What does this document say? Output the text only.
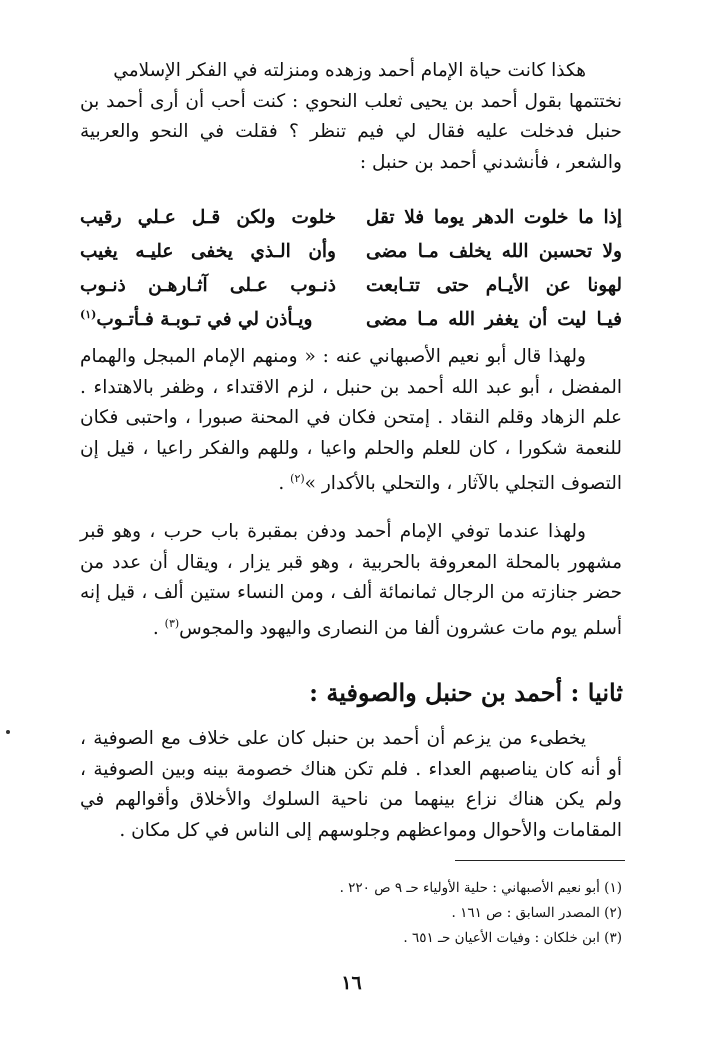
هكذا كانت حياة الإمام أحمد وزهده ومنزلته في الفكر الإسلامي

نختتمها بقول أحمد بن يحيى ثعلب النحوي : كنت أحب أن أرى أحمد بن حنبل فدخلت عليه فقال لي فيم تنظر ؟ فقلت في النحو والعربية والشعر ، فأنشدني أحمد بن حنبل :

إذا ما خلوت الدهر يوما فلا تقل
خلوت ولكن قـل عـلي رقيب
ولا تحسبن الله يخلف مـا مضى
وأن الـذي يخفى عليـه يغيب
لهونا عن الأيـام حتى تتـابعت
ذنـوب عـلى آثـارهـن ذنـوب
فيـا ليت أن يغفر الله مـا مضى
ويـأذن لي في تـوبـة فـأتـوب$^{(١)}$

ولهذا قال أبو نعيم الأصبهاني عنه : « ومنهم الإمام المبجل والهمام المفضل ، أبو عبد الله أحمد بن حنبل ، لزم الاقتداء ، وظفر بالاهتداء . علم الزهاد وقلم النقاد . إمتحن فكان في المحنة صبورا ، واحتبى فكان للنعمة شكورا ، كان للعلم والحلم واعيا ، وللهم والفكر راعيا ، قيل إن التصوف التجلي بالآثار ، والتحلي بالأكدار »$^{(٢)}$ .

ولهذا عندما توفي الإمام أحمد ودفن بمقبرة باب حرب ، وهو قبر مشهور بالمحلة المعروفة بالحربية ، وهو قبر يزار ، ويقال أن عدد من حضر جنازته من الرجال ثمانمائة ألف ، ومن النساء ستين ألف ، قيل إنه أسلم يوم مات عشرون ألفا من النصارى واليهود والمجوس$^{(٣)}$ .

ثانيا : أحمد بن حنبل والصوفية :

يخطىء من يزعم أن أحمد بن حنبل كان على خلاف مع الصوفية ، أو أنه كان يناصبهم العداء . فلم تكن هناك خصومة بينه وبين الصوفية ، ولم يكن هناك نزاع بينهما من ناحية السلوك والأخلاق وأقوالهم في المقامات والأحوال ومواعظهم وجلوسهم إلى الناس في كل مكان .

(١) أبو نعيم الأصبهاني : حلية الأولياء حـ ٩ ص ٢٢٠ .

(٢) المصدر السابق : ص ١٦١ .

(٣) ابن خلكان : وفيات الأعيان حـ ٦٥١ .

١٦
